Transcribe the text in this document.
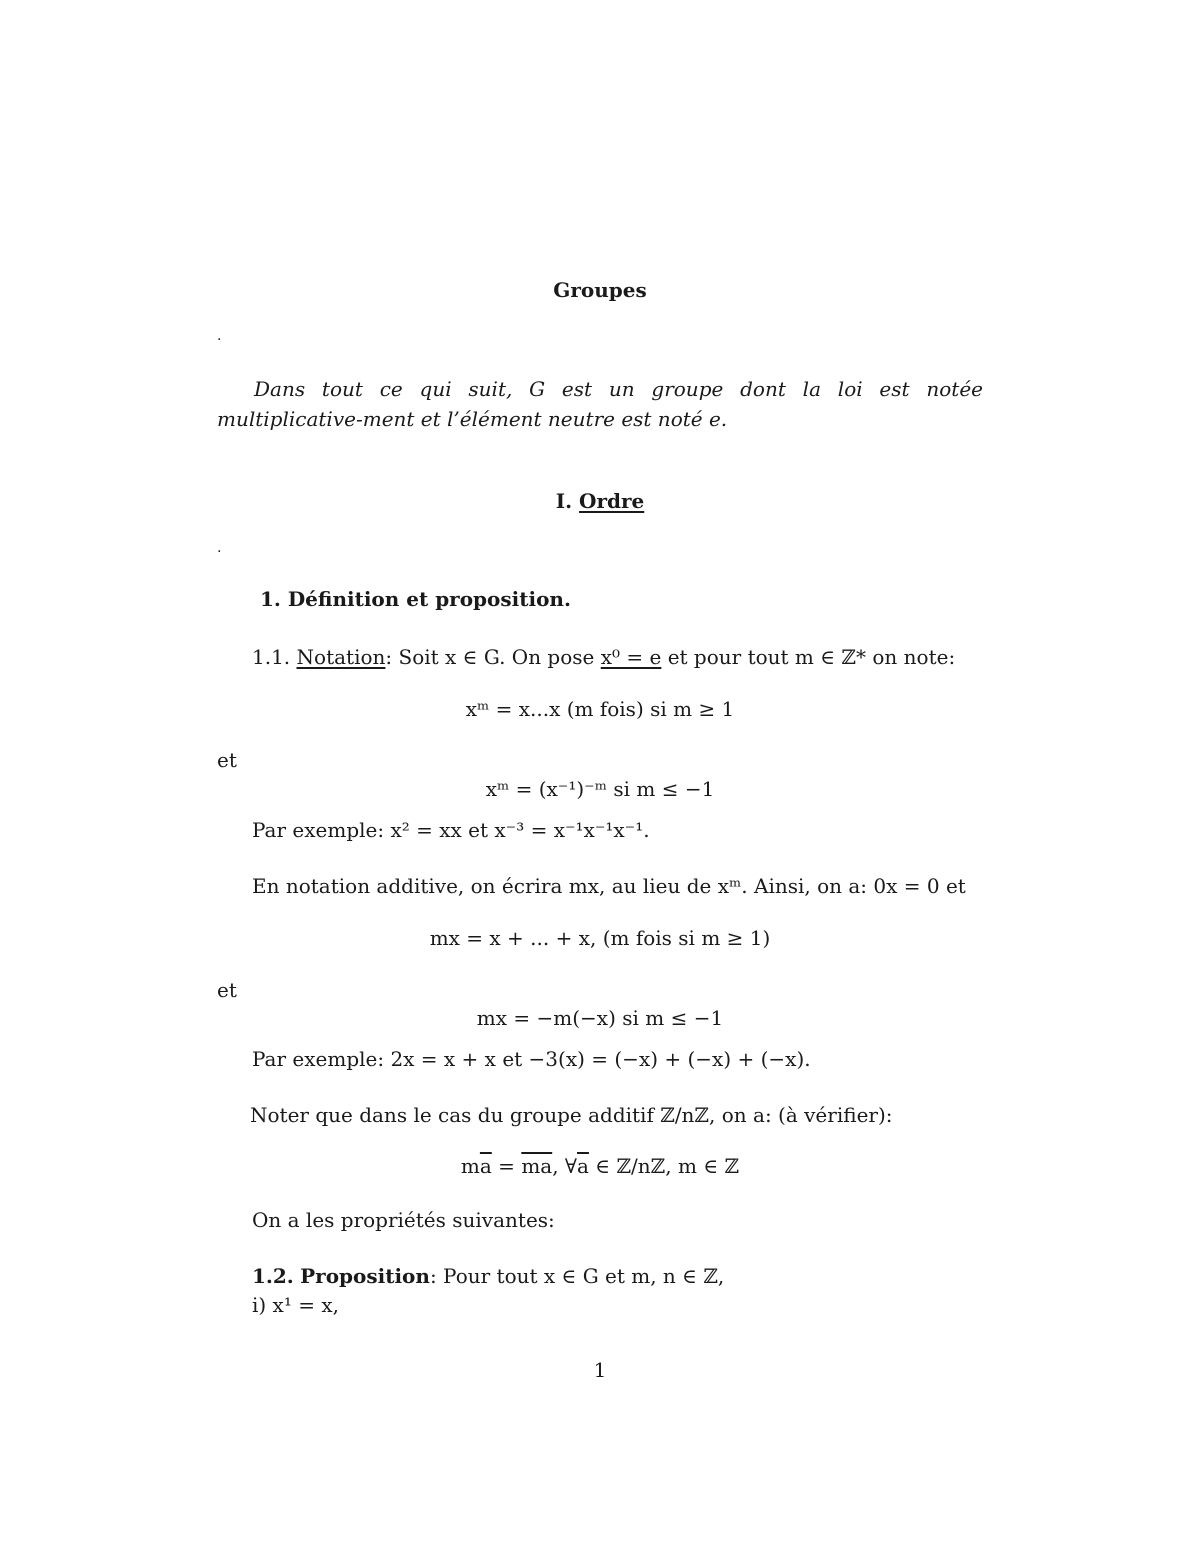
Groupes
.
Dans tout ce qui suit, G est un groupe dont la loi est notée multiplicative-ment et l’élément neutre est noté e.
I. Ordre
.
1. Définition et proposition.
1.1. Notation: Soit x ∈ G. On pose x⁰ = e et pour tout m ∈ ℤ* on note:
xᵐ = x...x (m fois) si m ≥ 1
et
xᵐ = (x⁻¹)⁻ᵐ si m ≤ −1
Par exemple: x² = xx et x⁻³ = x⁻¹x⁻¹x⁻¹.
En notation additive, on écrira mx, au lieu de xᵐ. Ainsi, on a: 0x = 0 et
mx = x + ... + x, (m fois si m ≥ 1)
et
mx = −m(−x) si m ≤ −1
Par exemple: 2x = x + x et −3(x) = (−x) + (−x) + (−x).
Noter que dans le cas du groupe additif ℤ/nℤ, on a: (à vérifier):
$m\overline{a} = \overline{ma}$, $\forall\overline{a}$ ∈ ℤ/nℤ, m ∈ ℤ
On a les propriétés suivantes:
1.2. Proposition: Pour tout x ∈ G et m, n ∈ ℤ,
i) x¹ = x,
1
